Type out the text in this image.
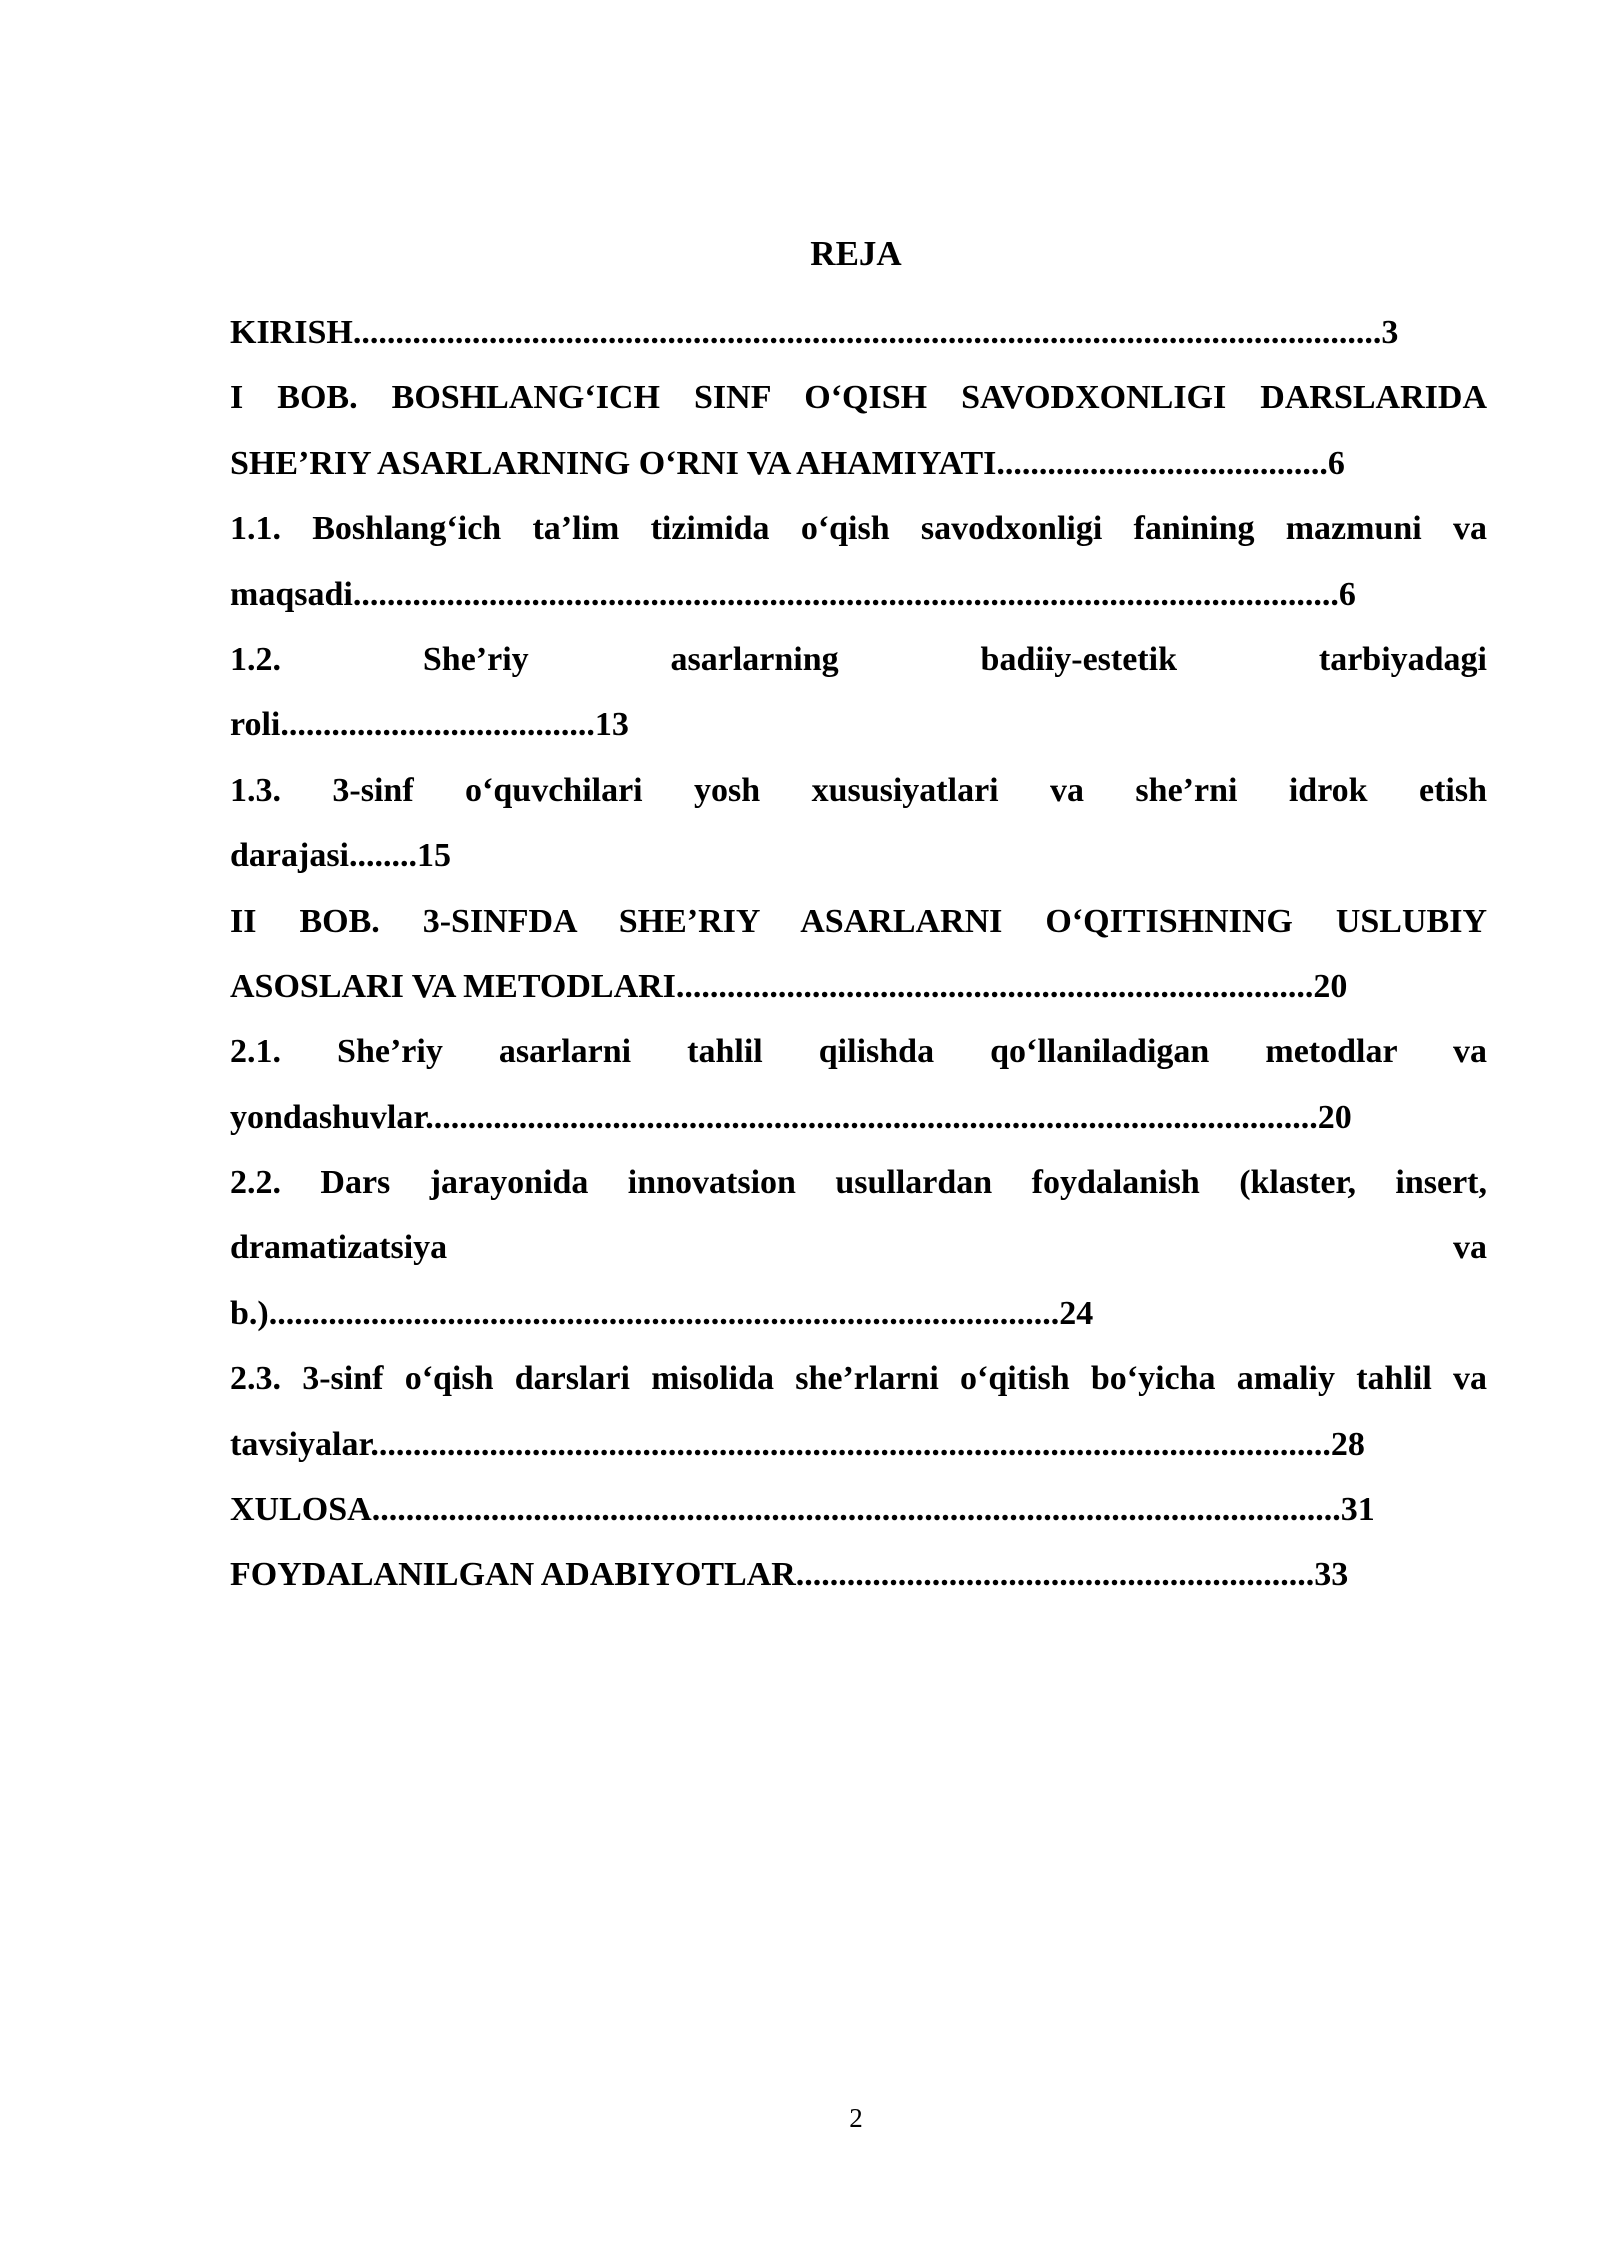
REJA
KIRISH.........................................................................................................................3
I BOB. BOSHLANG‘ICH SINF O‘QISH SAVODXONLIGI DARSLARIDA
SHE’RIY ASARLARNING O‘RNI VA AHAMIYATI.......................................6
1.1. Boshlang‘ich ta’lim tizimida o‘qish savodxonligi fanining mazmuni va
maqsadi....................................................................................................................6
1.2. She’riy asarlarning badiiy-estetik tarbiyadagi
roli.....................................13
1.3. 3-sinf o‘quvchilari yosh xususiyatlari va she’rni idrok etish
darajasi........15
II BOB. 3-SINFDA SHE’RIY ASARLARNI O‘QITISHNING USLUBIY
ASOSLARI VA METODLARI...........................................................................20
2.1. She’riy asarlarni tahlil qilishda qo‘llaniladigan metodlar va
yondashuvlar.........................................................................................................20
2.2. Dars jarayonida innovatsion usullardan foydalanish (klaster, insert,
dramatizatsiya va
b.).............................................................................................24
2.3. 3-sinf o‘qish darslari misolida she’rlarni o‘qitish bo‘yicha amaliy tahlil va
tavsiyalar.................................................................................................................28
XULOSA..................................................................................................................31
FOYDALANILGAN ADABIYOTLAR.............................................................33
2
